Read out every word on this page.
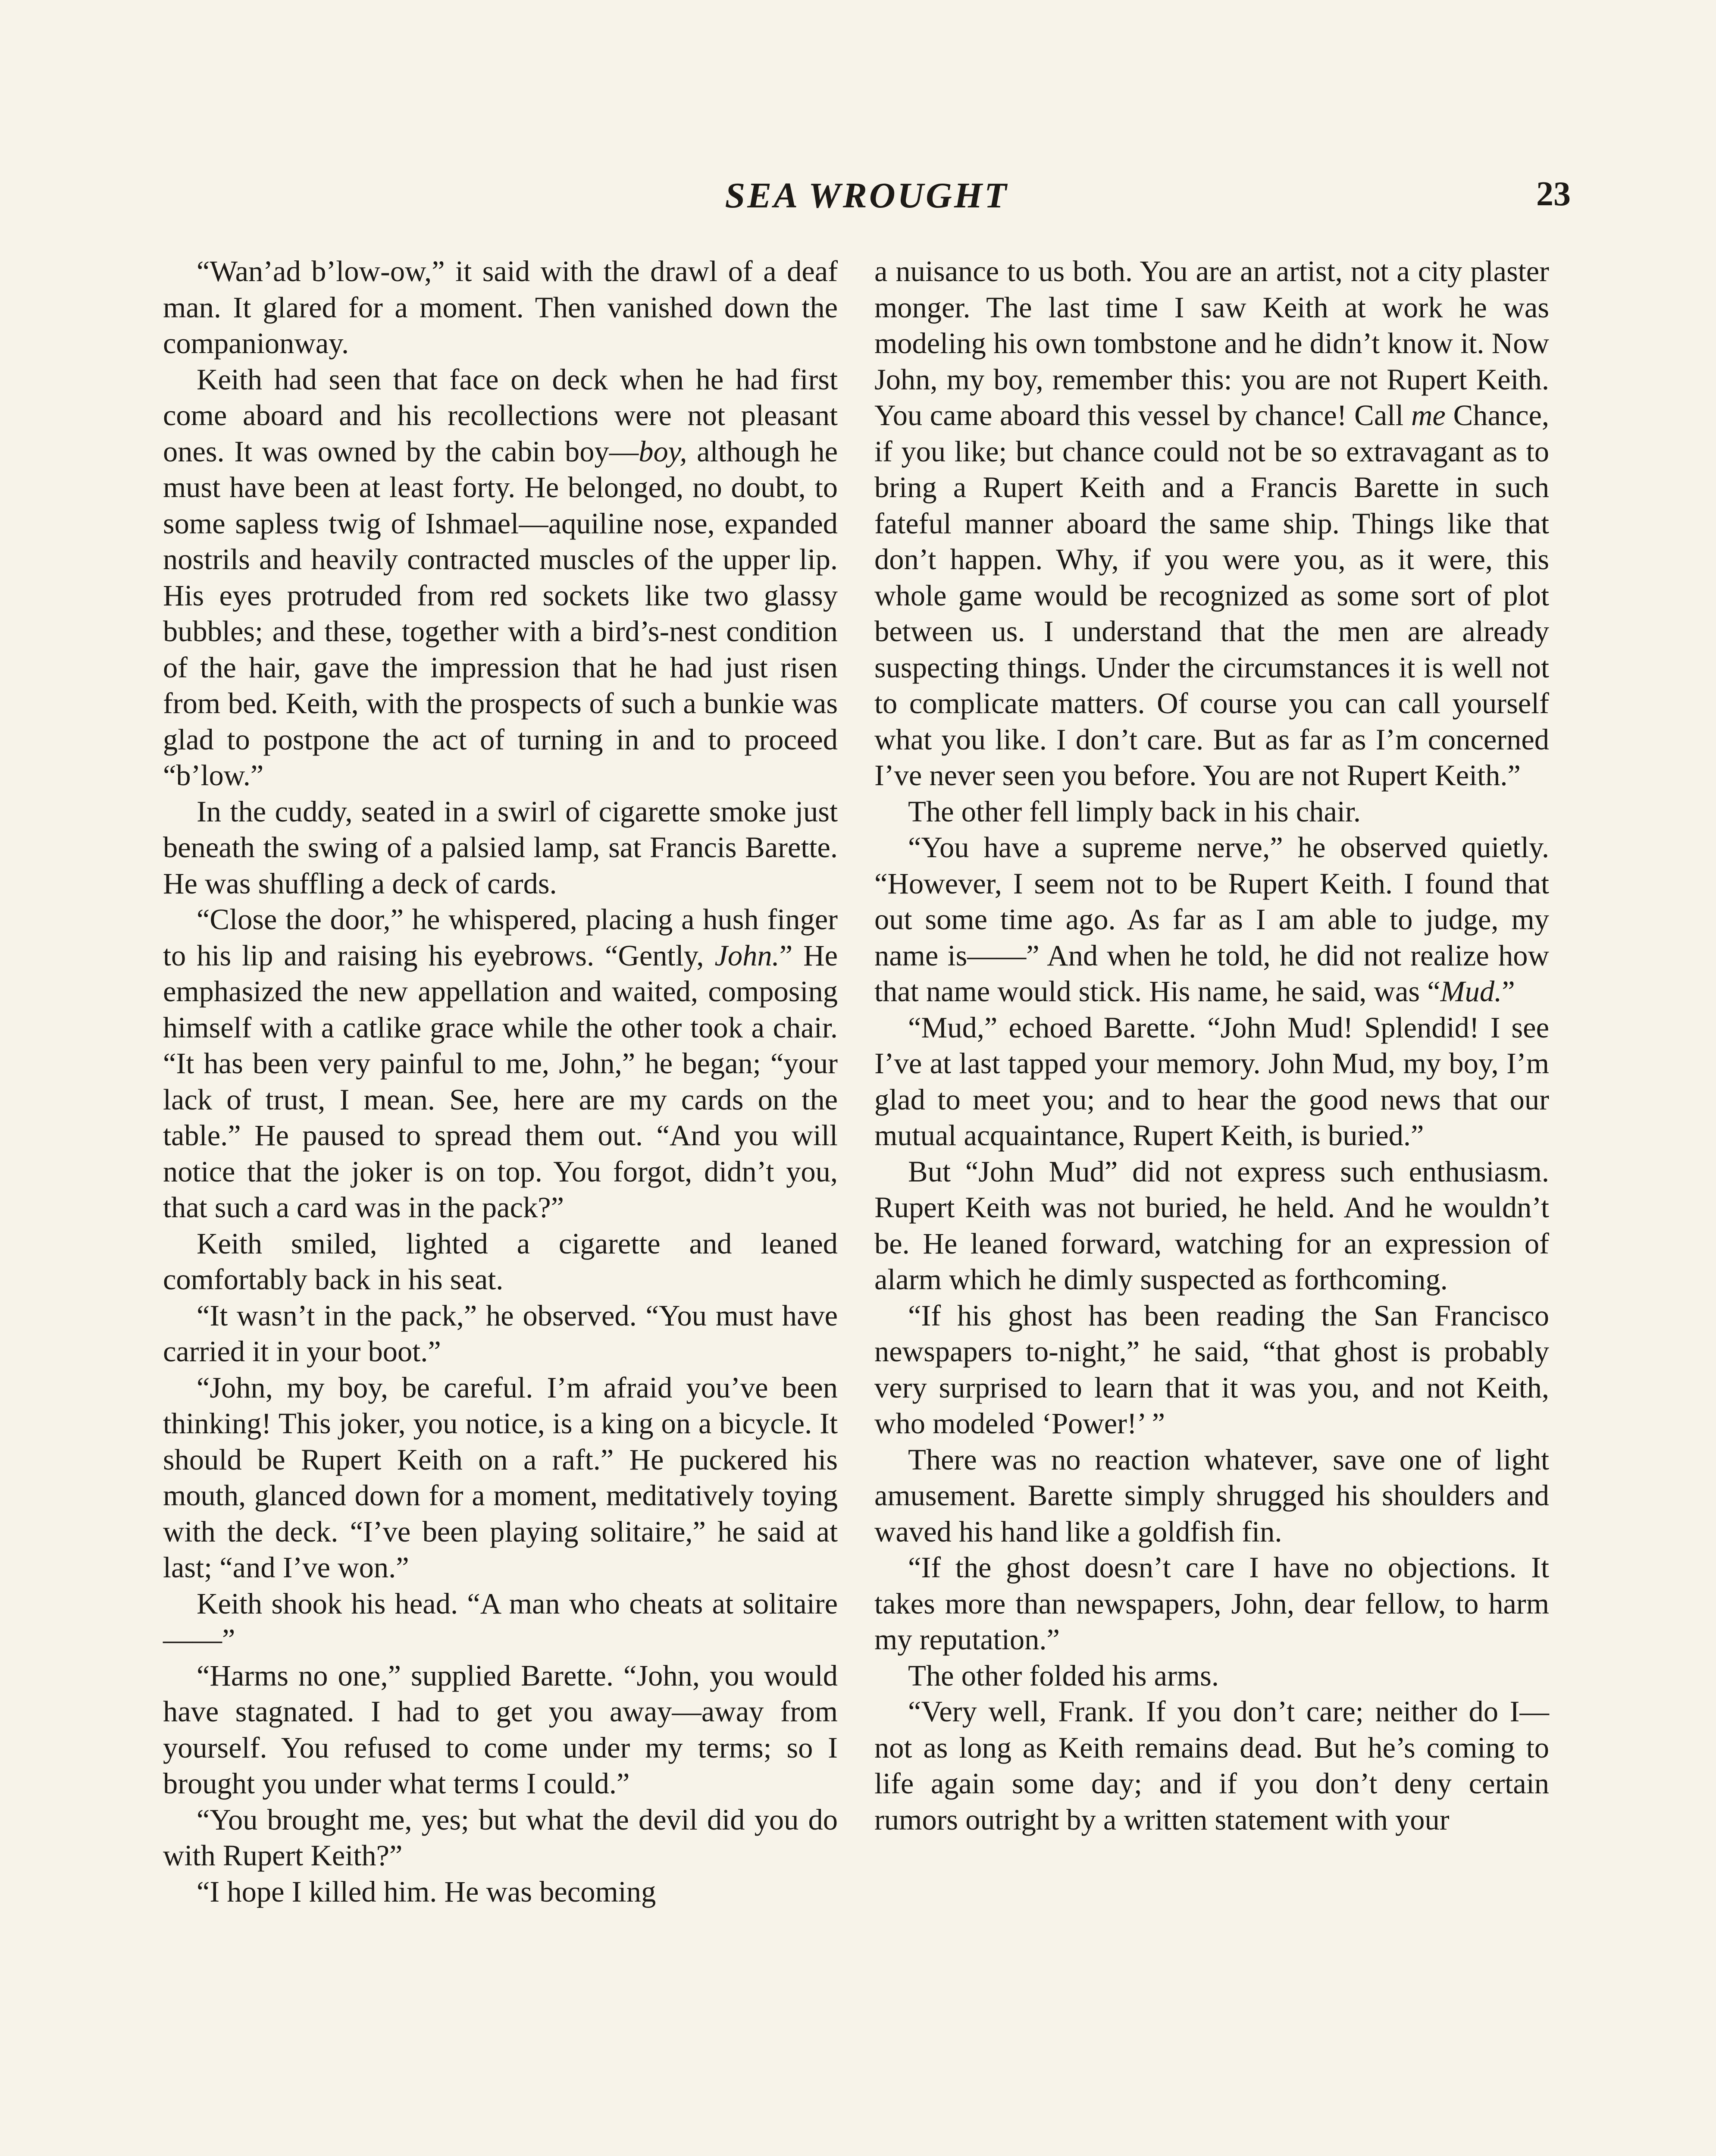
SEA WROUGHT	23

“Wan’ad b’low-ow,” it said with the drawl of a deaf man. It glared for a moment. Then vanished down the companionway.

Keith had seen that face on deck when he had first come aboard and his recollections were not pleasant ones. It was owned by the cabin boy—boy, although he must have been at least forty. He belonged, no doubt, to some sapless twig of Ishmael—aquiline nose, expanded nostrils and heavily contracted muscles of the upper lip. His eyes protruded from red sockets like two glassy bubbles; and these, together with a bird’s-nest condition of the hair, gave the impression that he had just risen from bed. Keith, with the prospects of such a bunkie was glad to postpone the act of turning in and to proceed “b’low.”

In the cuddy, seated in a swirl of cigarette smoke just beneath the swing of a palsied lamp, sat Francis Barette. He was shuffling a deck of cards.

“Close the door,” he whispered, placing a hush finger to his lip and raising his eyebrows. “Gently, John.” He emphasized the new appellation and waited, composing himself with a catlike grace while the other took a chair. “It has been very painful to me, John,” he began; “your lack of trust, I mean. See, here are my cards on the table.” He paused to spread them out. “And you will notice that the joker is on top. You forgot, didn’t you, that such a card was in the pack?”

Keith smiled, lighted a cigarette and leaned comfortably back in his seat.

“It wasn’t in the pack,” he observed. “You must have carried it in your boot.”

“John, my boy, be careful. I’m afraid you’ve been thinking! This joker, you notice, is a king on a bicycle. It should be Rupert Keith on a raft.” He puckered his mouth, glanced down for a moment, meditatively toying with the deck. “I’ve been playing solitaire,” he said at last; “and I’ve won.”

Keith shook his head. “A man who cheats at solitaire——”

“Harms no one,” supplied Barette. “John, you would have stagnated. I had to get you away—away from yourself. You refused to come under my terms; so I brought you under what terms I could.”

“You brought me, yes; but what the devil did you do with Rupert Keith?”

“I hope I killed him. He was becoming

a nuisance to us both. You are an artist, not a city plaster monger. The last time I saw Keith at work he was modeling his own tombstone and he didn’t know it. Now John, my boy, remember this: you are not Rupert Keith. You came aboard this vessel by chance! Call me Chance, if you like; but chance could not be so extravagant as to bring a Rupert Keith and a Francis Barette in such fateful manner aboard the same ship. Things like that don’t happen. Why, if you were you, as it were, this whole game would be recognized as some sort of plot between us. I understand that the men are already suspecting things. Under the circumstances it is well not to complicate matters. Of course you can call yourself what you like. I don’t care. But as far as I’m concerned I’ve never seen you before. You are not Rupert Keith.”

The other fell limply back in his chair.

“You have a supreme nerve,” he observed quietly. “However, I seem not to be Rupert Keith. I found that out some time ago. As far as I am able to judge, my name is——” And when he told, he did not realize how that name would stick. His name, he said, was “Mud.”

“Mud,” echoed Barette. “John Mud! Splendid! I see I’ve at last tapped your memory. John Mud, my boy, I’m glad to meet you; and to hear the good news that our mutual acquaintance, Rupert Keith, is buried.”

But “John Mud” did not express such enthusiasm. Rupert Keith was not buried, he held. And he wouldn’t be. He leaned forward, watching for an expression of alarm which he dimly suspected as forthcoming.

“If his ghost has been reading the San Francisco newspapers to-night,” he said, “that ghost is probably very surprised to learn that it was you, and not Keith, who modeled ‘Power!’ ”

There was no reaction whatever, save one of light amusement. Barette simply shrugged his shoulders and waved his hand like a goldfish fin.

“If the ghost doesn’t care I have no objections. It takes more than newspapers, John, dear fellow, to harm my reputation.”

The other folded his arms.

“Very well, Frank. If you don’t care; neither do I—not as long as Keith remains dead. But he’s coming to life again some day; and if you don’t deny certain rumors outright by a written statement with your
